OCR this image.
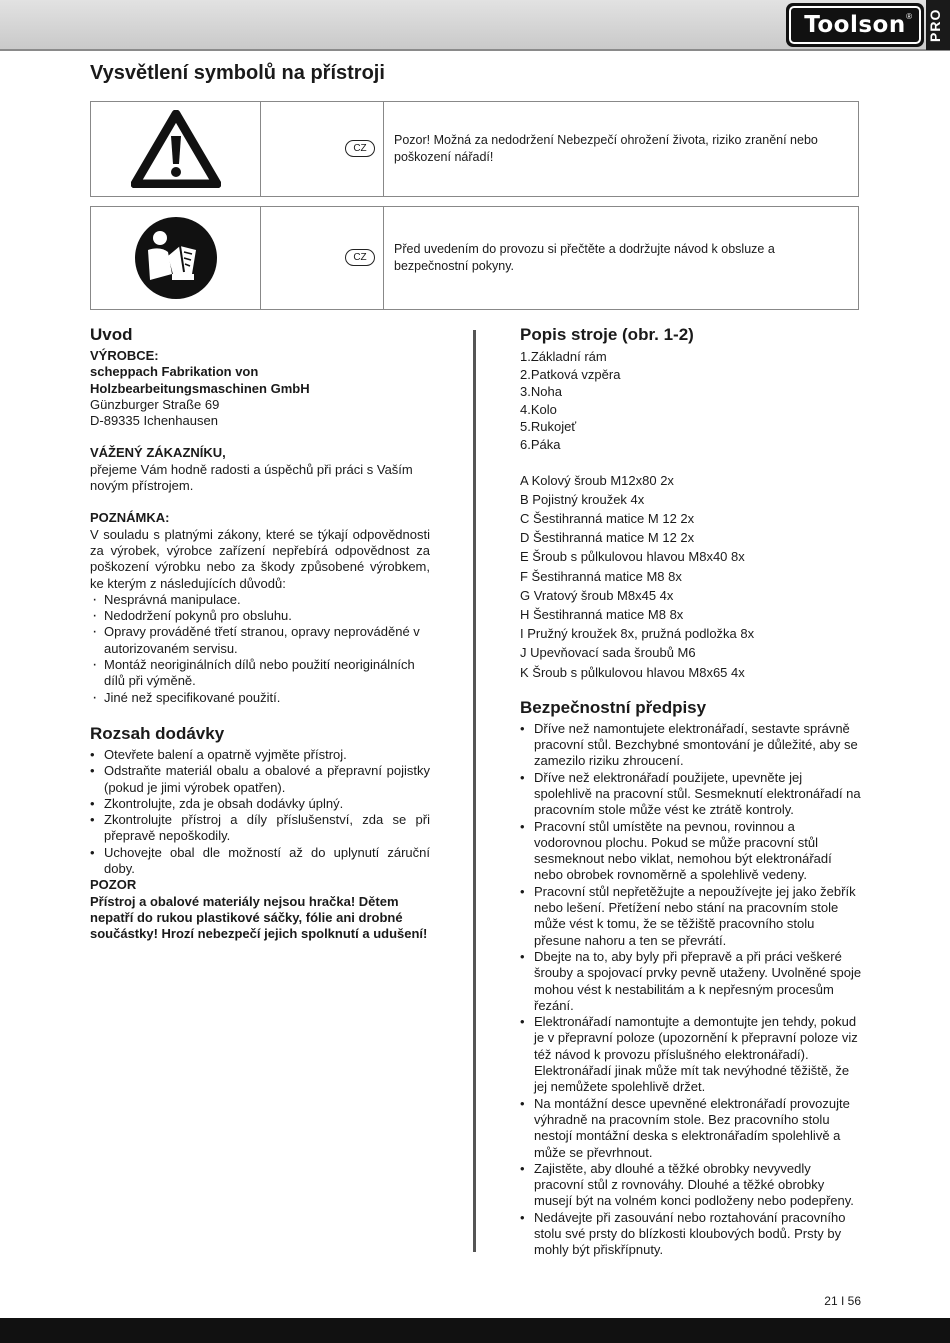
Toolson ® PRO
Vysvětlení symbolů na přístroji
CZ
Pozor! Možná za nedodržení Nebezpečí ohrožení života, riziko zranění nebo poškození nářadí!
CZ
Před uvedením do provozu si přečtěte a dodržujte návod k obsluze a bezpečnostní pokyny.
Uvod

VÝROBCE:

scheppach Fabrikation von

Holzbearbeitungsmaschinen GmbH

Günzburger Straße 69

D-89335 Ichenhausen

VÁŽENÝ ZÁKAZNÍKU,

přejeme Vám hodně radosti a úspěchů při práci s Vaším novým přístrojem.

POZNÁMKA:

V souladu s platnými zákony, které se týkají odpovědnosti za výrobek, výrobce zařízení nepřebírá odpovědnost za poškození výrobku nebo za škody způsobené výrobkem, ke kterým z následujících důvodů:

· Nesprávná manipulace.
· Nedodržení pokynů pro obsluhu.
· Opravy prováděné třetí stranou, opravy neprováděné v autorizovaném servisu.
· Montáž neoriginálních dílů nebo použití neoriginálních dílů při výměně.
· Jiné než specifikované použití.
Rozsah dodávky
• Otevřete balení a opatrně vyjměte přístroj.
• Odstraňte materiál obalu a obalové a přepravní pojistky (pokud je jimi výrobek opatřen).
• Zkontrolujte, zda je obsah dodávky úplný.
• Zkontrolujte přístroj a díly příslušenství, zda se při přepravě nepoškodily.
• Uchovejte obal dle možností až do uplynutí záruční doby.

POZOR

Přístroj a obalové materiály nejsou hračka! Dětem nepatří do rukou plastikové sáčky, fólie ani drobné součástky! Hrozí nebezpečí jejich spolknutí a udušení!

Popis stroje (obr. 1-2)
1.Základní rám
2.Patková vzpěra
3.Noha
4.Kolo
5.Rukojeť
6.Páka
A Kolový šroub M12x80 2x
B Pojistný kroužek 4x
C Šestihranná matice M 12 2x
D Šestihranná matice M 12 2x
E Šroub s půlkulovou hlavou M8x40 8x
F Šestihranná matice M8 8x
G Vratový šroub M8x45 4x
H Šestihranná matice M8 8x
I Pružný kroužek 8x, pružná podložka 8x
J Upevňovací sada šroubů M6
K Šroub s půlkulovou hlavou M8x65 4x
Bezpečnostní předpisy
• Dříve než namontujete elektronářadí, sestavte správně pracovní stůl. Bezchybné smontování je důležité, aby se zamezilo riziku zhroucení.
• Dříve než elektronářadí použijete, upevněte jej spolehlivě na pracovní stůl. Sesmeknutí elektronářadí na pracovním stole může vést ke ztrátě kontroly.
• Pracovní stůl umístěte na pevnou, rovinnou a vodorovnou plochu. Pokud se může pracovní stůl sesmeknout nebo viklat, nemohou být elektronářadí nebo obrobek rovnoměrně a spolehlivě vedeny.
• Pracovní stůl nepřetěžujte a nepoužívejte jej jako žebřík nebo lešení. Přetížení nebo stání na pracovním stole může vést k tomu, že se těžiště pracovního stolu přesune nahoru a ten se převrátí.
• Dbejte na to, aby byly při přepravě a při práci veškeré šrouby a spojovací prvky pevně utaženy. Uvolněné spoje mohou vést k nestabilitám a k nepřesným procesům řezání.
• Elektronářadí namontujte a demontujte jen tehdy, pokud je v přepravní poloze (upozornění k přepravní poloze viz též návod k provozu příslušného elektronářadí). Elektronářadí jinak může mít tak nevýhodné těžiště, že jej nemůžete spolehlivě držet.
• Na montážní desce upevněné elektronářadí provozujte výhradně na pracovním stole. Bez pracovního stolu nestojí montážní deska s elektronářadím spolehlivě a může se převrhnout.
• Zajistěte, aby dlouhé a těžké obrobky nevyvedly pracovní stůl z rovnováhy. Dlouhé a těžké obrobky musejí být na volném konci podloženy nebo podepřeny.
• Nedávejte při zasouvání nebo roztahování pracovního stolu své prsty do blízkosti kloubových bodů. Prsty by mohly být přiskřípnuty.
21 I 56
